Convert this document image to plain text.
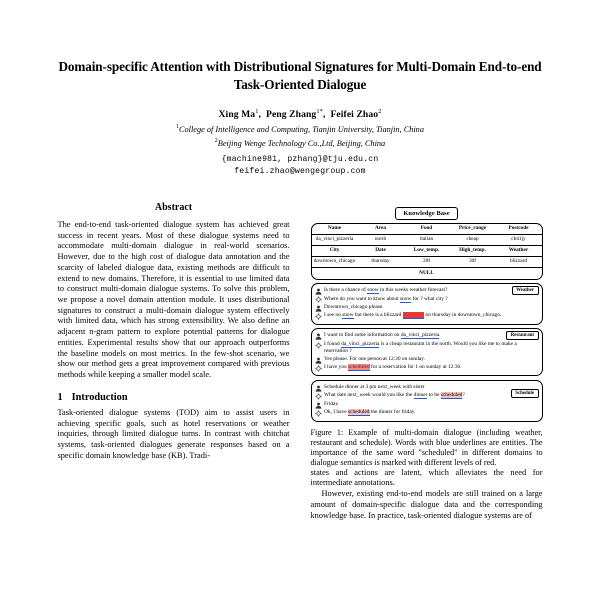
Domain-specific Attention with Distributional Signatures for Multi-Domain End-to-end Task-Oriented Dialogue
Xing Ma$^1$,  Peng Zhang$^{1*}$,  Feifei Zhao$^2$
$^1$College of Intelligence and Computing, Tianjin University, Tianjin, China
$^2$Beijing Wenge Technology Co.,Ltd, Beijing, China
{machine981, pzhang}@tju.edu.cn
feifei.zhao@wengegroup.com
Abstract

The end-to-end task-oriented dialogue system has achieved great success in recent years. Most of these dialogue systems need to accommodate multi-domain dialogue in real-world scenarios. However, due to the high cost of dialogue data annotation and the scarcity of labeled dialogue data, existing methods are difficult to extend to new domains. Therefore, it is essential to use limited data to construct multi-domain dialogue systems. To solve this problem, we propose a novel domain attention module. It uses distributional signatures to construct a multi-domain dialogue system effectively with limited data, which has strong extensibility. We also define an adjacent n-gram pattern to explore potential patterns for dialogue entities. Experimental results show that our approach outperforms the baseline models on most metrics. In the few-shot scenario, we show our method gets a great improvement compared with previous methods while keeping a smaller model scale.

1 Introduction

Task-oriented dialogue systems (TOD) aim to assist users in achieving specific goals, such as hotel reservations or weather inquiries, through limited dialogue turns. In contrast with chitchat systems, task-oriented dialogues generate responses based on a specific domain knowledge base (KB). Tradi-

Knowledge Base
Name	Area	Food	Price_range	Postcode
da_vinci_pizzeria	north	italian	cheap	cb41jy
City	Date	Low_temp.	High_temp.	Weather
downtown_chicago	thursday	20f	30f	blizzard
NULL
Weather
Is there a chance of snow in this weeks weather forecast?
Where do you want to know about snow for ? what city ?
Downtown_chicago please.
I see no snow but there is a blizzard scheduled on thursday in downtown_chicago.
Restaurant
I want to find some information on da_vinci_pizzeria.
I found da_vinci_pizzeria is a cheap restaurant in the north. Would you like me to make a reservation ?
Yes please. For one person at 12:30 on sunday.
I have you scheduled for a reservation for 1 on sunday at 12:30.
Schedule
Schedule dinner at 3 pm next_week with sister
What date next_week would you like the dinner to be scheduled?
Friday.
Ok, I have scheduled the dinner for friday.
Figure 1: Example of multi-domain dialogue (including weather, restaurant and schedule). Words with blue underlines are entities. The importance of the same word "scheduled" in different domains to dialogue semantics is marked with different levels of red.

states and actions are latent, which alleviates the need for intermediate annotations.

However, existing end-to-end models are still trained on a large amount of domain-specific dialogue data and the corresponding knowledge base. In practice, task-oriented dialogue systems are of
